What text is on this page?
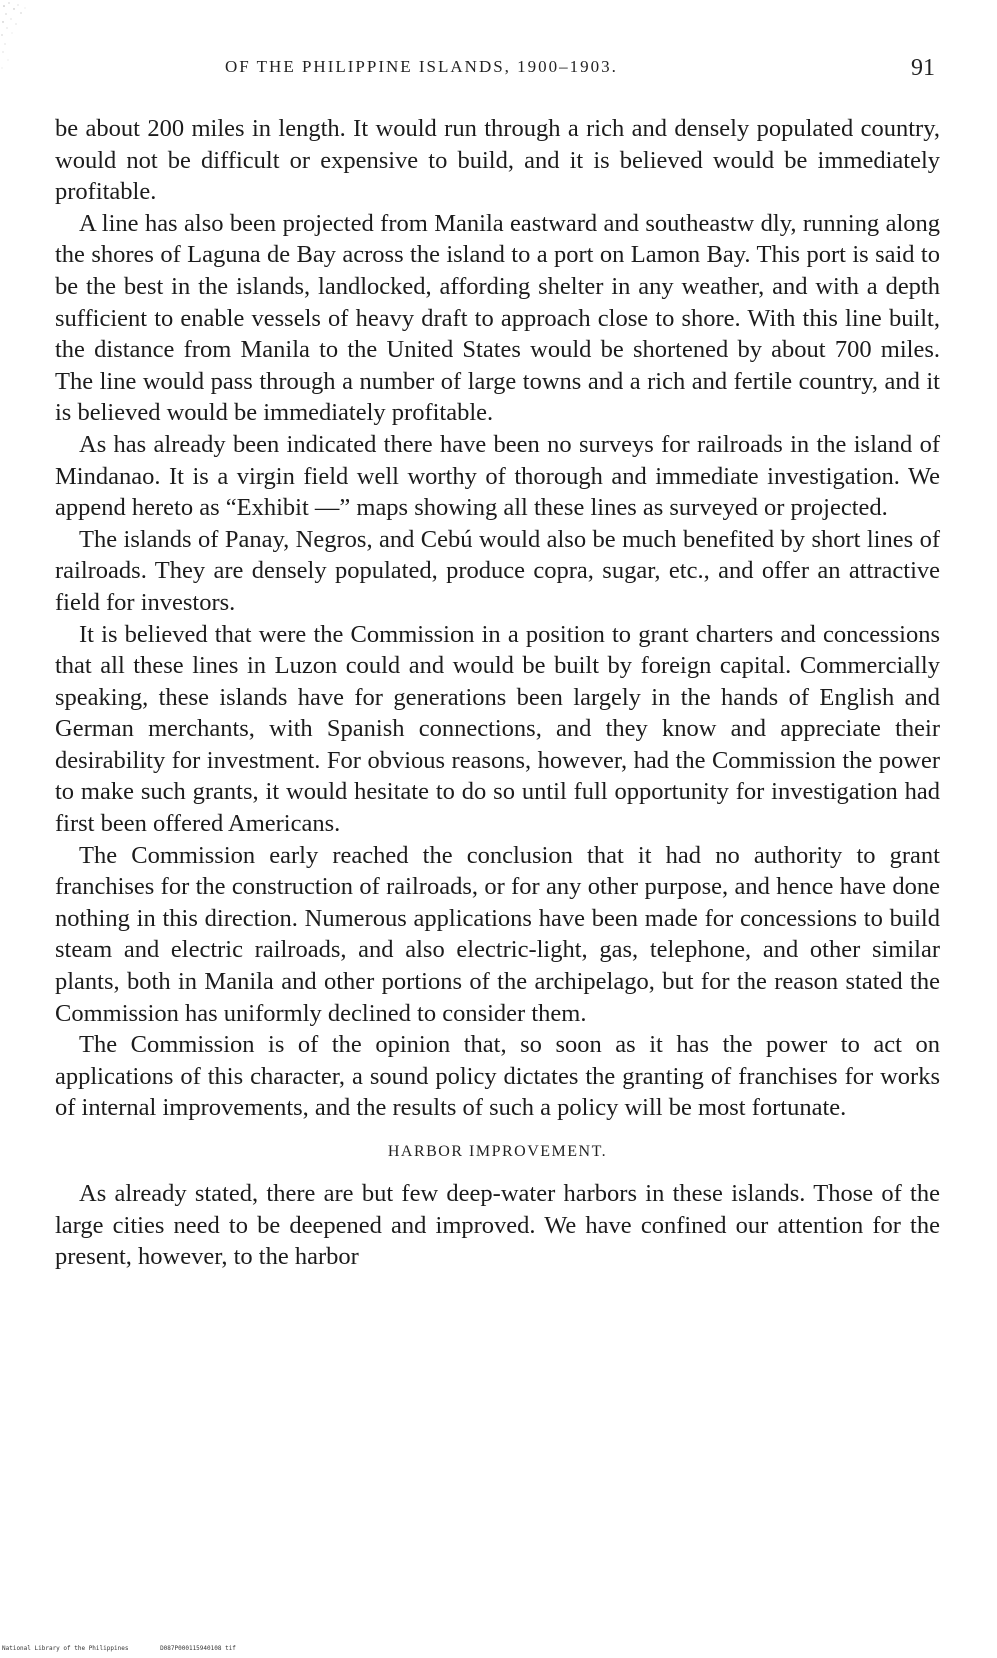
OF THE PHILIPPINE ISLANDS, 1900–1903.	91

be about 200 miles in length. It would run through a rich and densely populated country, would not be difficult or expensive to build, and it is believed would be immediately profitable.

A line has also been projected from Manila eastward and southeastw dly, running along the shores of Laguna de Bay across the island to a port on Lamon Bay. This port is said to be the best in the islands, landlocked, affording shelter in any weather, and with a depth sufficient to enable vessels of heavy draft to approach close to shore. With this line built, the distance from Manila to the United States would be shortened by about 700 miles. The line would pass through a number of large towns and a rich and fertile country, and it is believed would be immediately profitable.

As has already been indicated there have been no surveys for railroads in the island of Mindanao. It is a virgin field well worthy of thorough and immediate investigation. We append hereto as “Exhibit —” maps showing all these lines as surveyed or projected.

The islands of Panay, Negros, and Cebú would also be much benefited by short lines of railroads. They are densely populated, produce copra, sugar, etc., and offer an attractive field for investors.

It is believed that were the Commission in a position to grant charters and concessions that all these lines in Luzon could and would be built by foreign capital. Commercially speaking, these islands have for generations been largely in the hands of English and German merchants, with Spanish connections, and they know and appreciate their desirability for investment. For obvious reasons, however, had the Commission the power to make such grants, it would hesitate to do so until full opportunity for investigation had first been offered Americans.

The Commission early reached the conclusion that it had no authority to grant franchises for the construction of railroads, or for any other purpose, and hence have done nothing in this direction. Numerous applications have been made for concessions to build steam and electric railroads, and also electric-light, gas, telephone, and other similar plants, both in Manila and other portions of the archipelago, but for the reason stated the Commission has uniformly declined to consider them.

The Commission is of the opinion that, so soon as it has the power to act on applications of this character, a sound policy dictates the granting of franchises for works of internal improvements, and the results of such a policy will be most fortunate.

HARBOR IMPROVEMENT.

As already stated, there are but few deep-water harbors in these islands. Those of the large cities need to be deepened and improved. We have confined our attention for the present, however, to the harbor

National Library of the Philippines	D087P000115940108 tif
